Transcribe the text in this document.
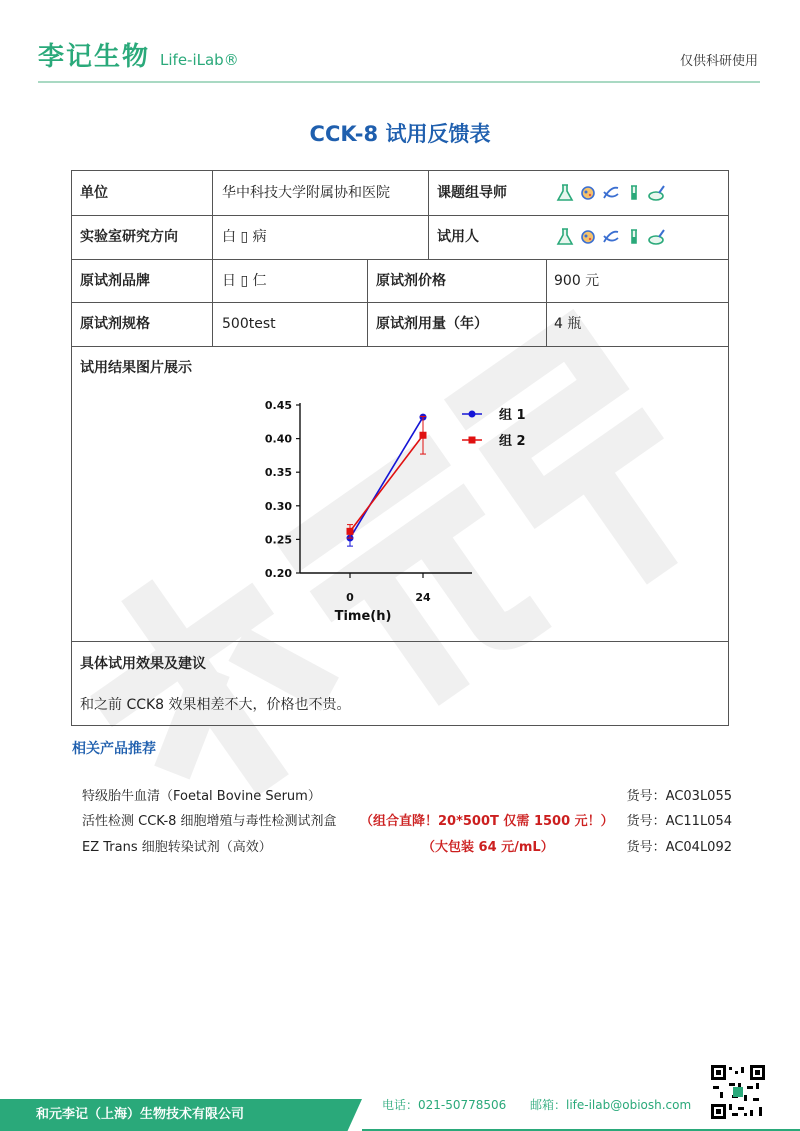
李记生物 Life-iLab®	仅供科研使用
CCK-8 试用反馈表
单位	华中科技大学附属协和医院	课题组导师
实验室研究方向	白 ▯ 病	试用人
原试剂品牌	日 ▯ 仁	原试剂价格	900 元
原试剂规格	500test	原试剂用量（年）	4 瓶
试用结果图片展示
具体试用效果及建议
和之前 CCK8 效果相差不大，价格也不贵。
0.45
0.40
0.35
0.30
0.25
0.20
0	24
组 1
组 2
Time(h)
相关产品推荐
特级胎牛血清（Foetal Bovine Serum）	货号：AC03L055
活性检测 CCK-8 细胞增殖与毒性检测试剂盒 （组合直降！20*500T 仅需 1500 元！） 货号：AC11L054
EZ Trans 细胞转染试剂（高效）	（大包装 64 元/mL）	货号：AC04L092
和元李记（上海）生物技术有限公司
电话：021-50778506 邮箱：life-ilab@obiosh.com
